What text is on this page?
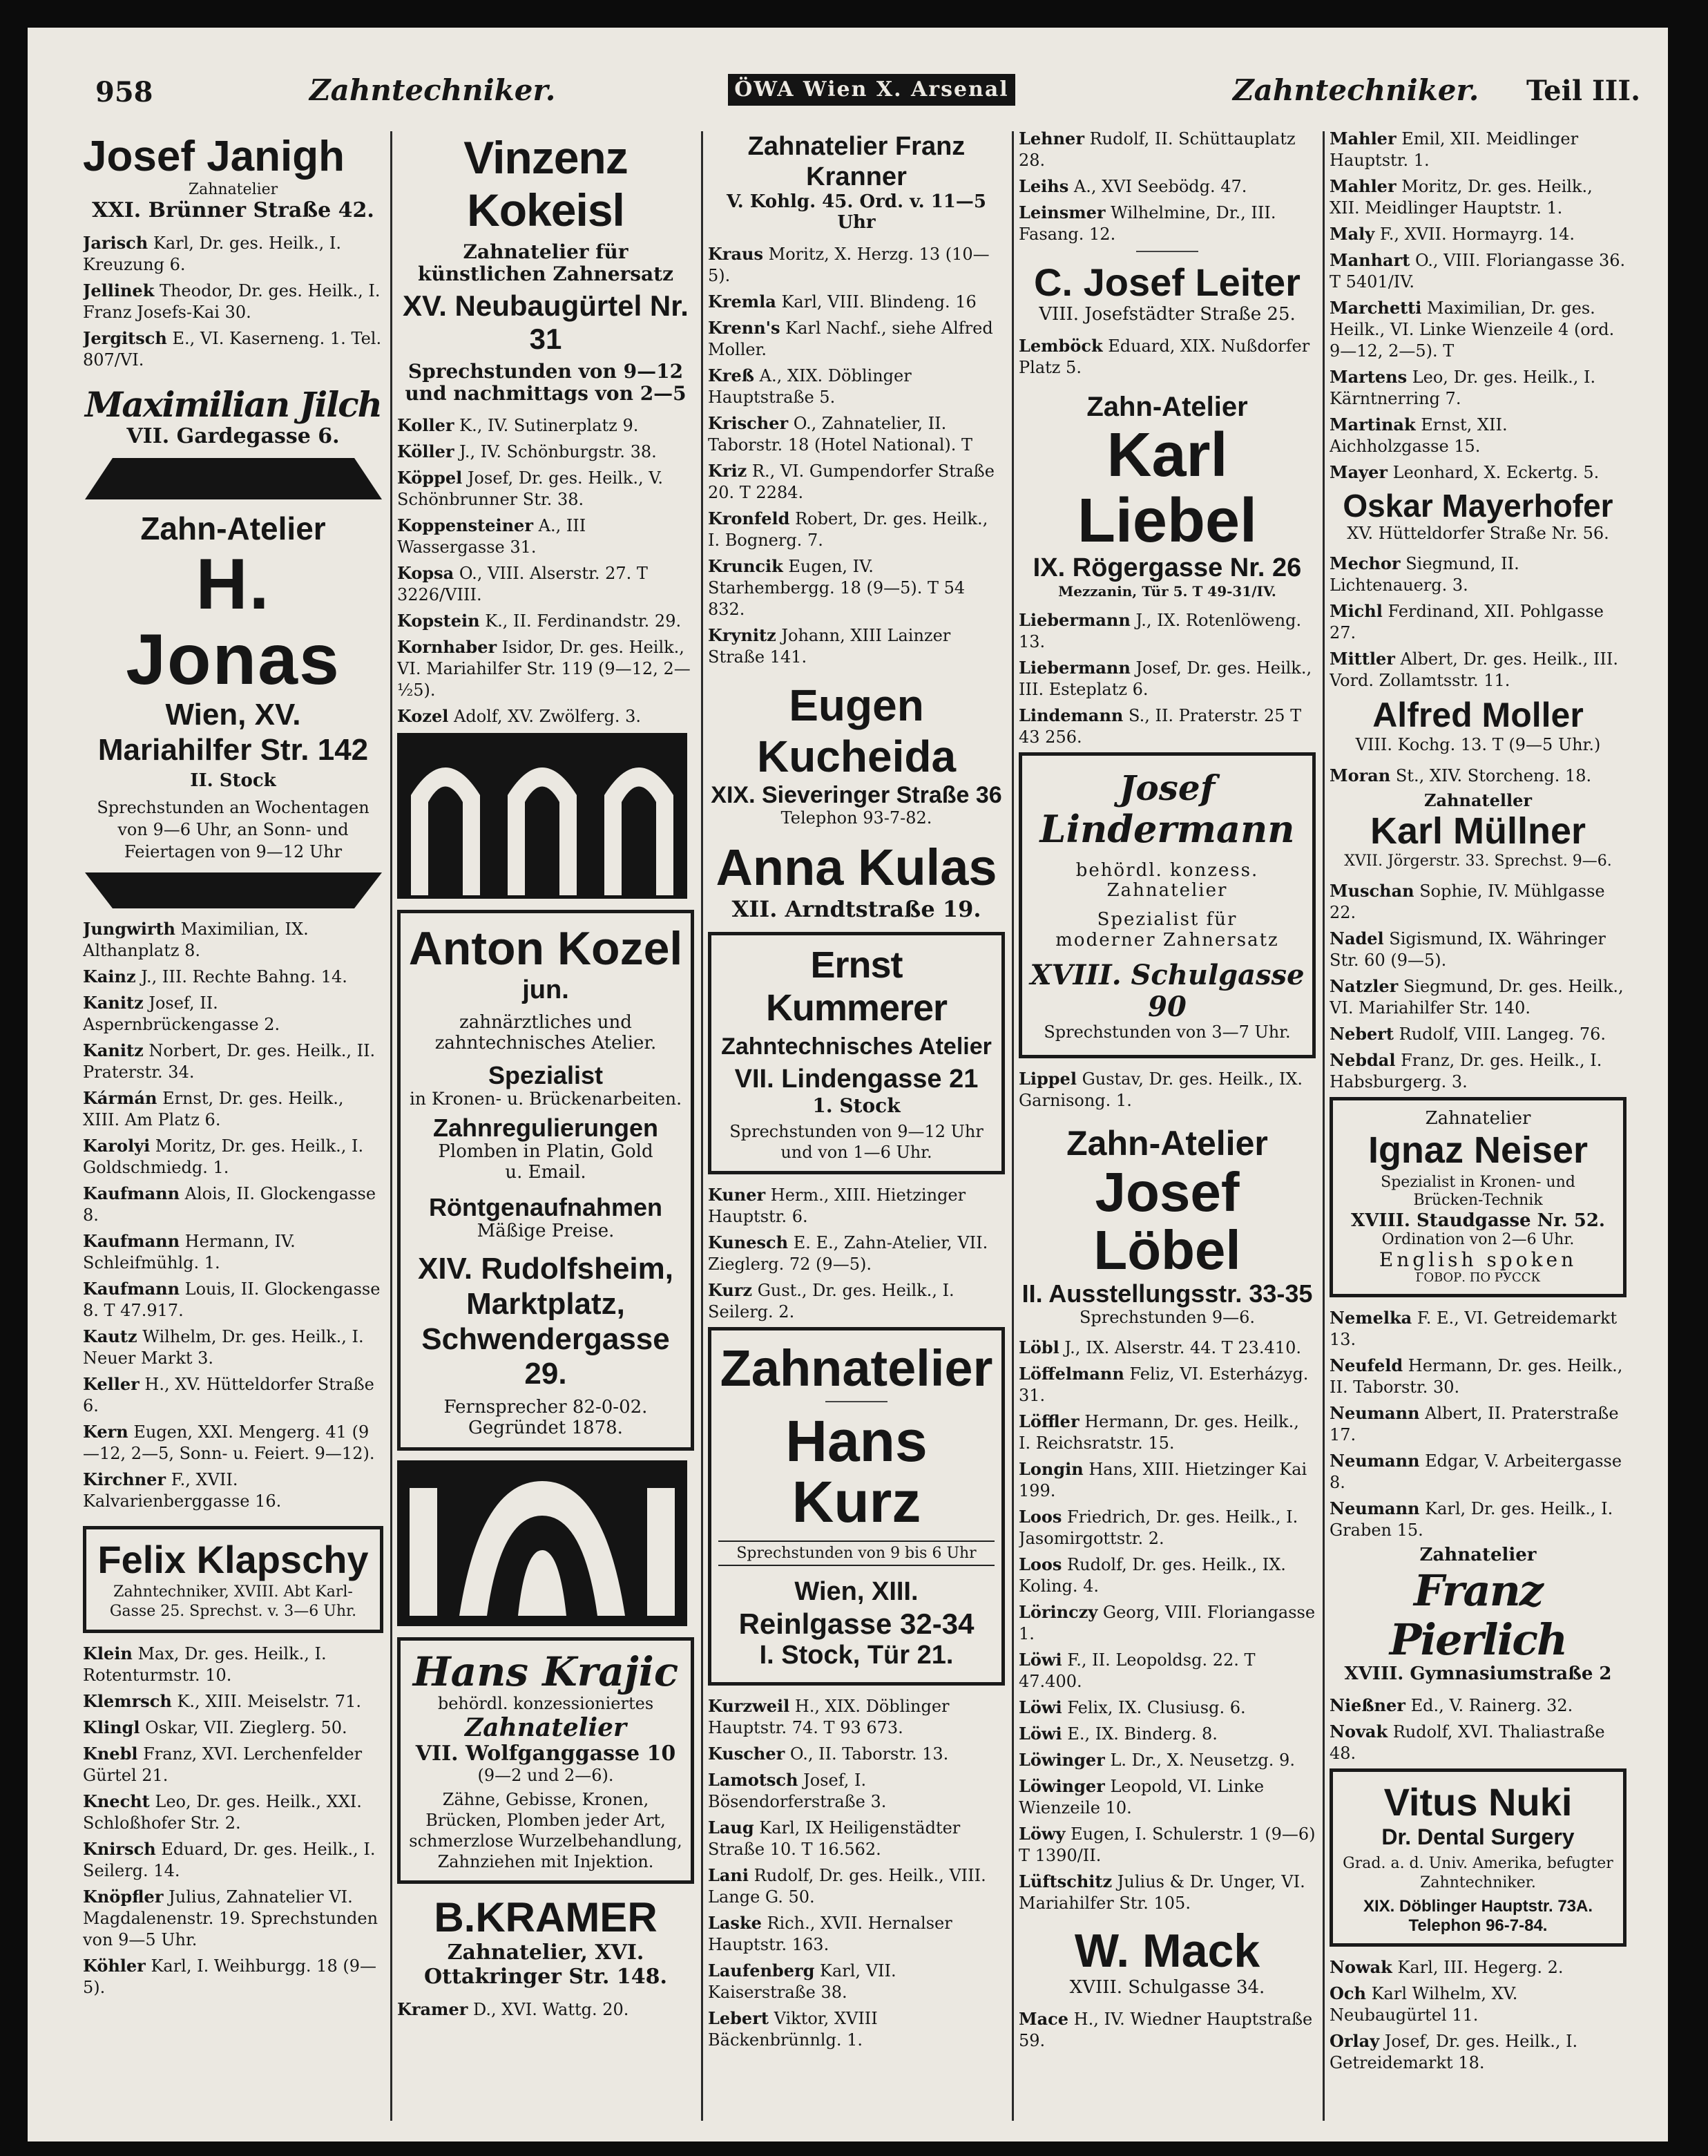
958	Zahntechniker.	ÖWA Wien X. Arsenal	Zahntechniker. Teil III.
Josef Janigh
Zahnatelier
XXI. Brünner Straße 42.
Jarisch Karl, Dr. ges. Heilk., I. Kreuzung 6.
Jellinek Theodor, Dr. ges. Heilk., I. Franz Josefs-Kai 30.
Jergitsch E., VI. Kaserneng. 1. Tel. 807/VI.
Maximilian Jilch
VII. Gardegasse 6.
Zahn-Atelier
H. Jonas
Wien, XV.
Mariahilfer Str. 142
II. Stock
Sprechstunden an Wochentagen von 9—6 Uhr, an Sonn- und Feiertagen von 9—12 Uhr
Jungwirth Maximilian, IX. Althanplatz 8.
Kainz J., III. Rechte Bahng. 14.
Kanitz Josef, II. Aspernbrückengasse 2.
Kanitz Norbert, Dr. ges. Heilk., II. Praterstr. 34.
Kármán Ernst, Dr. ges. Heilk., XIII. Am Platz 6.
Karolyi Moritz, Dr. ges. Heilk., I. Goldschmiedg. 1.
Kaufmann Alois, II. Glockengasse 8.
Kaufmann Hermann, IV. Schleifmühlg. 1.
Kaufmann Louis, II. Glockengasse 8. T 47.917.
Kautz Wilhelm, Dr. ges. Heilk., I. Neuer Markt 3.
Keller H., XV. Hütteldorfer Straße 6.
Kern Eugen, XXI. Mengerg. 41 (9—12, 2—5, Sonn- u. Feiert. 9—12).
Kirchner F., XVII. Kalvarienberggasse 16.
Felix Klapschy
Zahntechniker, XVIII. Abt Karl-Gasse 25. Sprechst. v. 3—6 Uhr.
Klein Max, Dr. ges. Heilk., I. Rotenturmstr. 10.
Klemrsch K., XIII. Meiselstr. 71.
Klingl Oskar, VII. Zieglerg. 50.
Knebl Franz, XVI. Lerchenfelder Gürtel 21.
Knecht Leo, Dr. ges. Heilk., XXI. Schloßhofer Str. 2.
Knirsch Eduard, Dr. ges. Heilk., I. Seilerg. 14.
Knöpfler Julius, Zahnatelier VI. Magdalenenstr. 19. Sprechstunden von 9—5 Uhr.
Köhler Karl, I. Weihburgg. 18 (9—5).
Vinzenz Kokeisl
Zahnatelier für künstlichen Zahnersatz
XV. Neubaugürtel Nr. 31
Sprechstunden von 9—12 und nachmittags von 2—5
Koller K., IV. Sutinerplatz 9.
Köller J., IV. Schönburgstr. 38.
Köppel Josef, Dr. ges. Heilk., V. Schönbrunner Str. 38.
Koppensteiner A., III Wassergasse 31.
Kopsa O., VIII. Alserstr. 27. T 3226/VIII.
Kopstein K., II. Ferdinandstr. 29.
Kornhaber Isidor, Dr. ges. Heilk., VI. Mariahilfer Str. 119 (9—12, 2—½5).
Kozel Adolf, XV. Zwölferg. 3.
Anton Kozel
jun.
zahnärztliches und zahntechnisches Atelier.
Spezialist
in Kronen- u. Brückenarbeiten.
Zahnregulierungen
Plomben in Platin, Gold u. Email.
Röntgenaufnahmen
Mäßige Preise.
XIV. Rudolfsheim,
Marktplatz,
Schwendergasse 29.
Fernsprecher 82-0-02.
Gegründet 1878.
Hans Krajic
behördl. konzessioniertes
Zahnatelier
VII. Wolfganggasse 10
(9—2 und 2—6).
Zähne, Gebisse, Kronen, Brücken, Plomben jeder Art, schmerzlose Wurzelbehandlung, Zahnziehen mit Injektion.
B.KRAMER
Zahnatelier, XVI. Ottakringer Str. 148.
Kramer D., XVI. Wattg. 20.
Zahnatelier Franz Kranner
V. Kohlg. 45. Ord. v. 11—5 Uhr
Kraus Moritz, X. Herzg. 13 (10—5).
Kremla Karl, VIII. Blindeng. 16
Krenn's Karl Nachf., siehe Alfred Moller.
Kreß A., XIX. Döblinger Hauptstraße 5.
Krischer O., Zahnatelier, II. Taborstr. 18 (Hotel National). T
Kriz R., VI. Gumpendorfer Straße 20. T 2284.
Kronfeld Robert, Dr. ges. Heilk., I. Bognerg. 7.
Kruncik Eugen, IV. Starhembergg. 18 (9—5). T 54 832.
Krynitz Johann, XIII Lainzer Straße 141.
Eugen Kucheida
XIX. Sieveringer Straße 36
Telephon 93-7-82.
Anna Kulas
XII. Arndtstraße 19.
Ernst Kummerer
Zahntechnisches Atelier
VII. Lindengasse 21
1. Stock
Sprechstunden von 9—12 Uhr und von 1—6 Uhr.
Kuner Herm., XIII. Hietzinger Hauptstr. 6.
Kunesch E. E., Zahn-Atelier, VII. Zieglerg. 72 (9—5).
Kurz Gust., Dr. ges. Heilk., I. Seilerg. 2.
Zahnatelier
Hans Kurz
Sprechstunden von 9 bis 6 Uhr
Wien, XIII.
Reinlgasse 32-34
I. Stock, Tür 21.
Kurzweil H., XIX. Döblinger Hauptstr. 74. T 93 673.
Kuscher O., II. Taborstr. 13.
Lamotsch Josef, I. Bösendorferstraße 3.
Laug Karl, IX Heiligenstädter Straße 10. T 16.562.
Lani Rudolf, Dr. ges. Heilk., VIII. Lange G. 50.
Laske Rich., XVII. Hernalser Hauptstr. 163.
Laufenberg Karl, VII. Kaiserstraße 38.
Lebert Viktor, XVIII Bäckenbrünnlg. 1.
Lehner Rudolf, II. Schüttauplatz 28.
Leihs A., XVI Seebödg. 47.
Leinsmer Wilhelmine, Dr., III. Fasang. 12.
C. Josef Leiter
VIII. Josefstädter Straße 25.
Lemböck Eduard, XIX. Nußdorfer Platz 5.
Zahn-Atelier
Karl Liebel
IX. Rögergasse Nr. 26
Mezzanin, Tür 5. T 49-31/IV.
Liebermann J., IX. Rotenlöweng. 13.
Liebermann Josef, Dr. ges. Heilk., III. Esteplatz 6.
Lindemann S., II. Praterstr. 25 T 43 256.
Josef
Lindermann
behördl. konzess.
Zahnatelier
Spezialist für moderner Zahnersatz
XVIII. Schulgasse 90
Sprechstunden von 3—7 Uhr.
Lippel Gustav, Dr. ges. Heilk., IX. Garnisong. 1.
Zahn-Atelier
Josef Löbel
II. Ausstellungsstr. 33-35
Sprechstunden 9—6.
Löbl J., IX. Alserstr. 44. T 23.410.
Löffelmann Feliz, VI. Esterházyg. 31.
Löffler Hermann, Dr. ges. Heilk., I. Reichsratstr. 15.
Longin Hans, XIII. Hietzinger Kai 199.
Loos Friedrich, Dr. ges. Heilk., I. Jasomirgottstr. 2.
Loos Rudolf, Dr. ges. Heilk., IX. Koling. 4.
Lörinczy Georg, VIII. Floriangasse 1.
Löwi F., II. Leopoldsg. 22. T 47.400.
Löwi Felix, IX. Clusiusg. 6.
Löwi E., IX. Binderg. 8.
Löwinger L. Dr., X. Neusetzg. 9.
Löwinger Leopold, VI. Linke Wienzeile 10.
Löwy Eugen, I. Schulerstr. 1 (9—6) T 1390/II.
Lüftschitz Julius & Dr. Unger, VI. Mariahilfer Str. 105.
W. Mack
XVIII. Schulgasse 34.
Mace H., IV. Wiedner Hauptstraße 59.
Mahler Emil, XII. Meidlinger Hauptstr. 1.
Mahler Moritz, Dr. ges. Heilk., XII. Meidlinger Hauptstr. 1.
Maly F., XVII. Hormayrg. 14.
Manhart O., VIII. Floriangasse 36. T 5401/IV.
Marchetti Maximilian, Dr. ges. Heilk., VI. Linke Wienzeile 4 (ord. 9—12, 2—5). T
Martens Leo, Dr. ges. Heilk., I. Kärntnerring 7.
Martinak Ernst, XII. Aichholzgasse 15.
Mayer Leonhard, X. Eckertg. 5.
Oskar Mayerhofer
XV. Hütteldorfer Straße Nr. 56.
Mechor Siegmund, II. Lichtenauerg. 3.
Michl Ferdinand, XII. Pohlgasse 27.
Mittler Albert, Dr. ges. Heilk., III. Vord. Zollamtsstr. 11.
Alfred Moller
VIII. Kochg. 13. T (9—5 Uhr.)
Moran St., XIV. Storcheng. 18.
Zahnateller
Karl Müllner
XVII. Jörgerstr. 33. Sprechst. 9—6.
Muschan Sophie, IV. Mühlgasse 22.
Nadel Sigismund, IX. Währinger Str. 60 (9—5).
Natzler Siegmund, Dr. ges. Heilk., VI. Mariahilfer Str. 140.
Nebert Rudolf, VIII. Langeg. 76.
Nebdal Franz, Dr. ges. Heilk., I. Habsburgerg. 3.
Zahnatelier
Ignaz Neiser
Spezialist in Kronen- und Brücken-Technik
XVIII. Staudgasse Nr. 52.
Ordination von 2—6 Uhr.
English spoken
ГОВОР. ПО РУССК
Nemelka F. E., VI. Getreidemarkt 13.
Neufeld Hermann, Dr. ges. Heilk., II. Taborstr. 30.
Neumann Albert, II. Praterstraße 17.
Neumann Edgar, V. Arbeitergasse 8.
Neumann Karl, Dr. ges. Heilk., I. Graben 15.
Zahnatelier
Franz Pierlich
XVIII. Gymnasiumstraße 2
Nießner Ed., V. Rainerg. 32.
Novak Rudolf, XVI. Thaliastraße 48.
Vitus Nuki
Dr. Dental Surgery
Grad. a. d. Univ. Amerika, befugter Zahntechniker.
XIX. Döblinger Hauptstr. 73A.
Telephon 96-7-84.
Nowak Karl, III. Hegerg. 2.
Och Karl Wilhelm, XV. Neubaugürtel 11.
Orlay Josef, Dr. ges. Heilk., I. Getreidemarkt 18.
